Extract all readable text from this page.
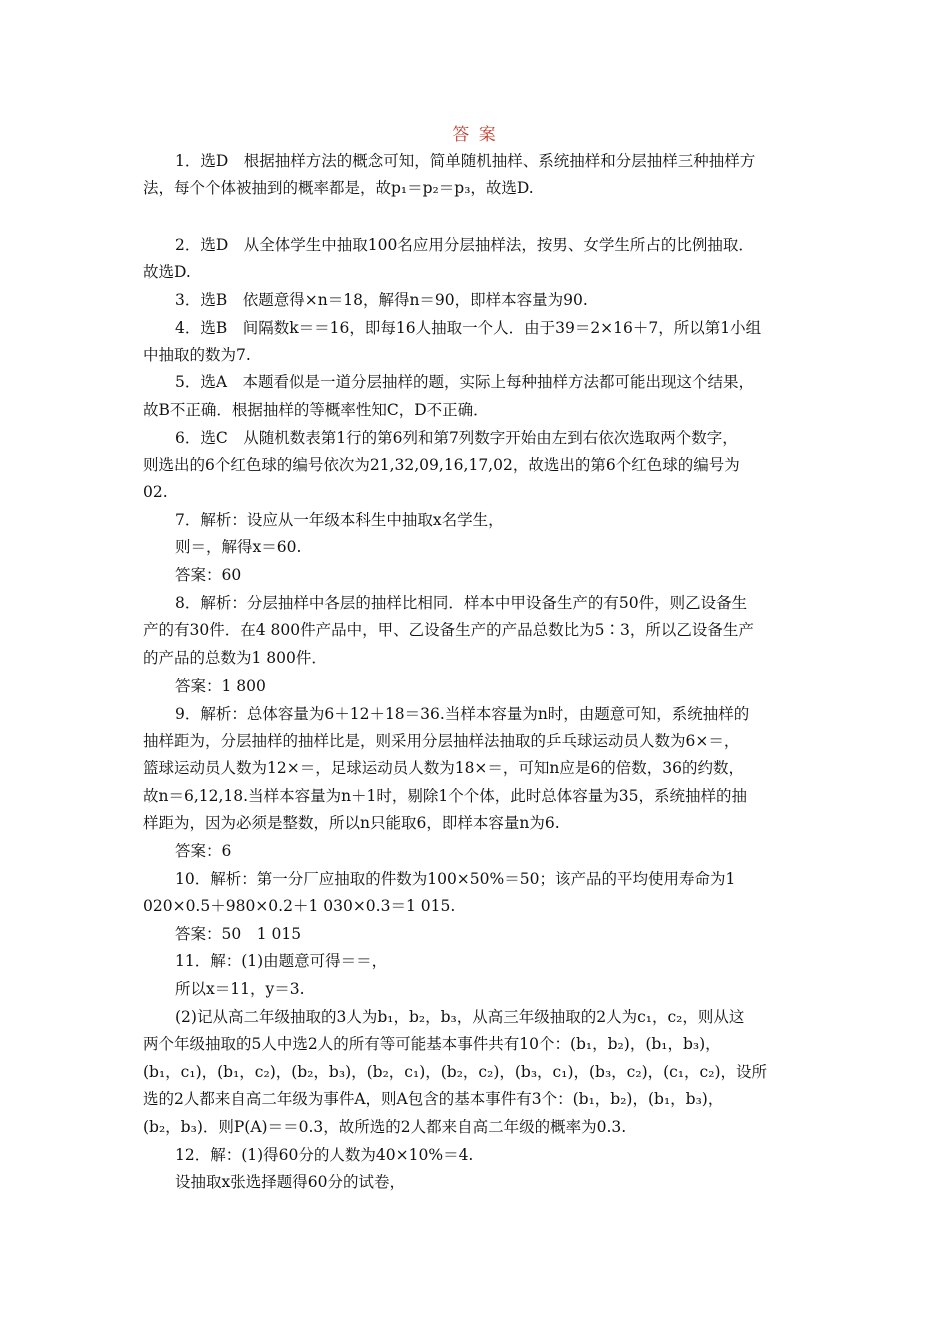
答 案
1．选D　根据抽样方法的概念可知，简单随机抽样、系统抽样和分层抽样三种抽样方
法，每个个体被抽到的概率都是，故p₁＝p₂＝p₃，故选D.
2．选D　从全体学生中抽取100名应用分层抽样法，按男、女学生所占的比例抽取．
故选D.
3．选B　依题意得×n＝18，解得n＝90，即样本容量为90.
4．选B　间隔数k＝＝16，即每16人抽取一个人．由于39＝2×16＋7，所以第1小组
中抽取的数为7.
5．选A　本题看似是一道分层抽样的题，实际上每种抽样方法都可能出现这个结果，
故B不正确．根据抽样的等概率性知C，D不正确．
6．选C　从随机数表第1行的第6列和第7列数字开始由左到右依次选取两个数字，
则选出的6个红色球的编号依次为21,32,09,16,17,02，故选出的第6个红色球的编号为
02.
7．解析：设应从一年级本科生中抽取x名学生，
则＝，解得x＝60.
答案：60
8．解析：分层抽样中各层的抽样比相同．样本中甲设备生产的有50件，则乙设备生
产的有30件．在4 800件产品中，甲、乙设备生产的产品总数比为5∶3，所以乙设备生产
的产品的总数为1 800件．
答案：1 800
9．解析：总体容量为6＋12＋18＝36.当样本容量为n时，由题意可知，系统抽样的
抽样距为，分层抽样的抽样比是，则采用分层抽样法抽取的乒乓球运动员人数为6×＝，
篮球运动员人数为12×＝，足球运动员人数为18×＝，可知n应是6的倍数，36的约数，
故n＝6,12,18.当样本容量为n＋1时，剔除1个个体，此时总体容量为35，系统抽样的抽
样距为，因为必须是整数，所以n只能取6，即样本容量n为6.
答案：6
10．解析：第一分厂应抽取的件数为100×50%＝50；该产品的平均使用寿命为1
020×0.5＋980×0.2＋1 030×0.3＝1 015.
答案：50　1 015
11．解：(1)由题意可得＝＝，
所以x＝11，y＝3.
(2)记从高二年级抽取的3人为b₁，b₂，b₃，从高三年级抽取的2人为c₁，c₂，则从这
两个年级抽取的5人中选2人的所有等可能基本事件共有10个：(b₁，b₂)，(b₁，b₃)，
(b₁，c₁)，(b₁，c₂)，(b₂，b₃)，(b₂，c₁)，(b₂，c₂)，(b₃，c₁)，(b₃，c₂)，(c₁，c₂)，设所
选的2人都来自高二年级为事件A，则A包含的基本事件有3个：(b₁，b₂)，(b₁，b₃)，
(b₂，b₃)．则P(A)＝＝0.3，故所选的2人都来自高二年级的概率为0.3.
12．解：(1)得60分的人数为40×10%＝4.
设抽取x张选择题得60分的试卷，
